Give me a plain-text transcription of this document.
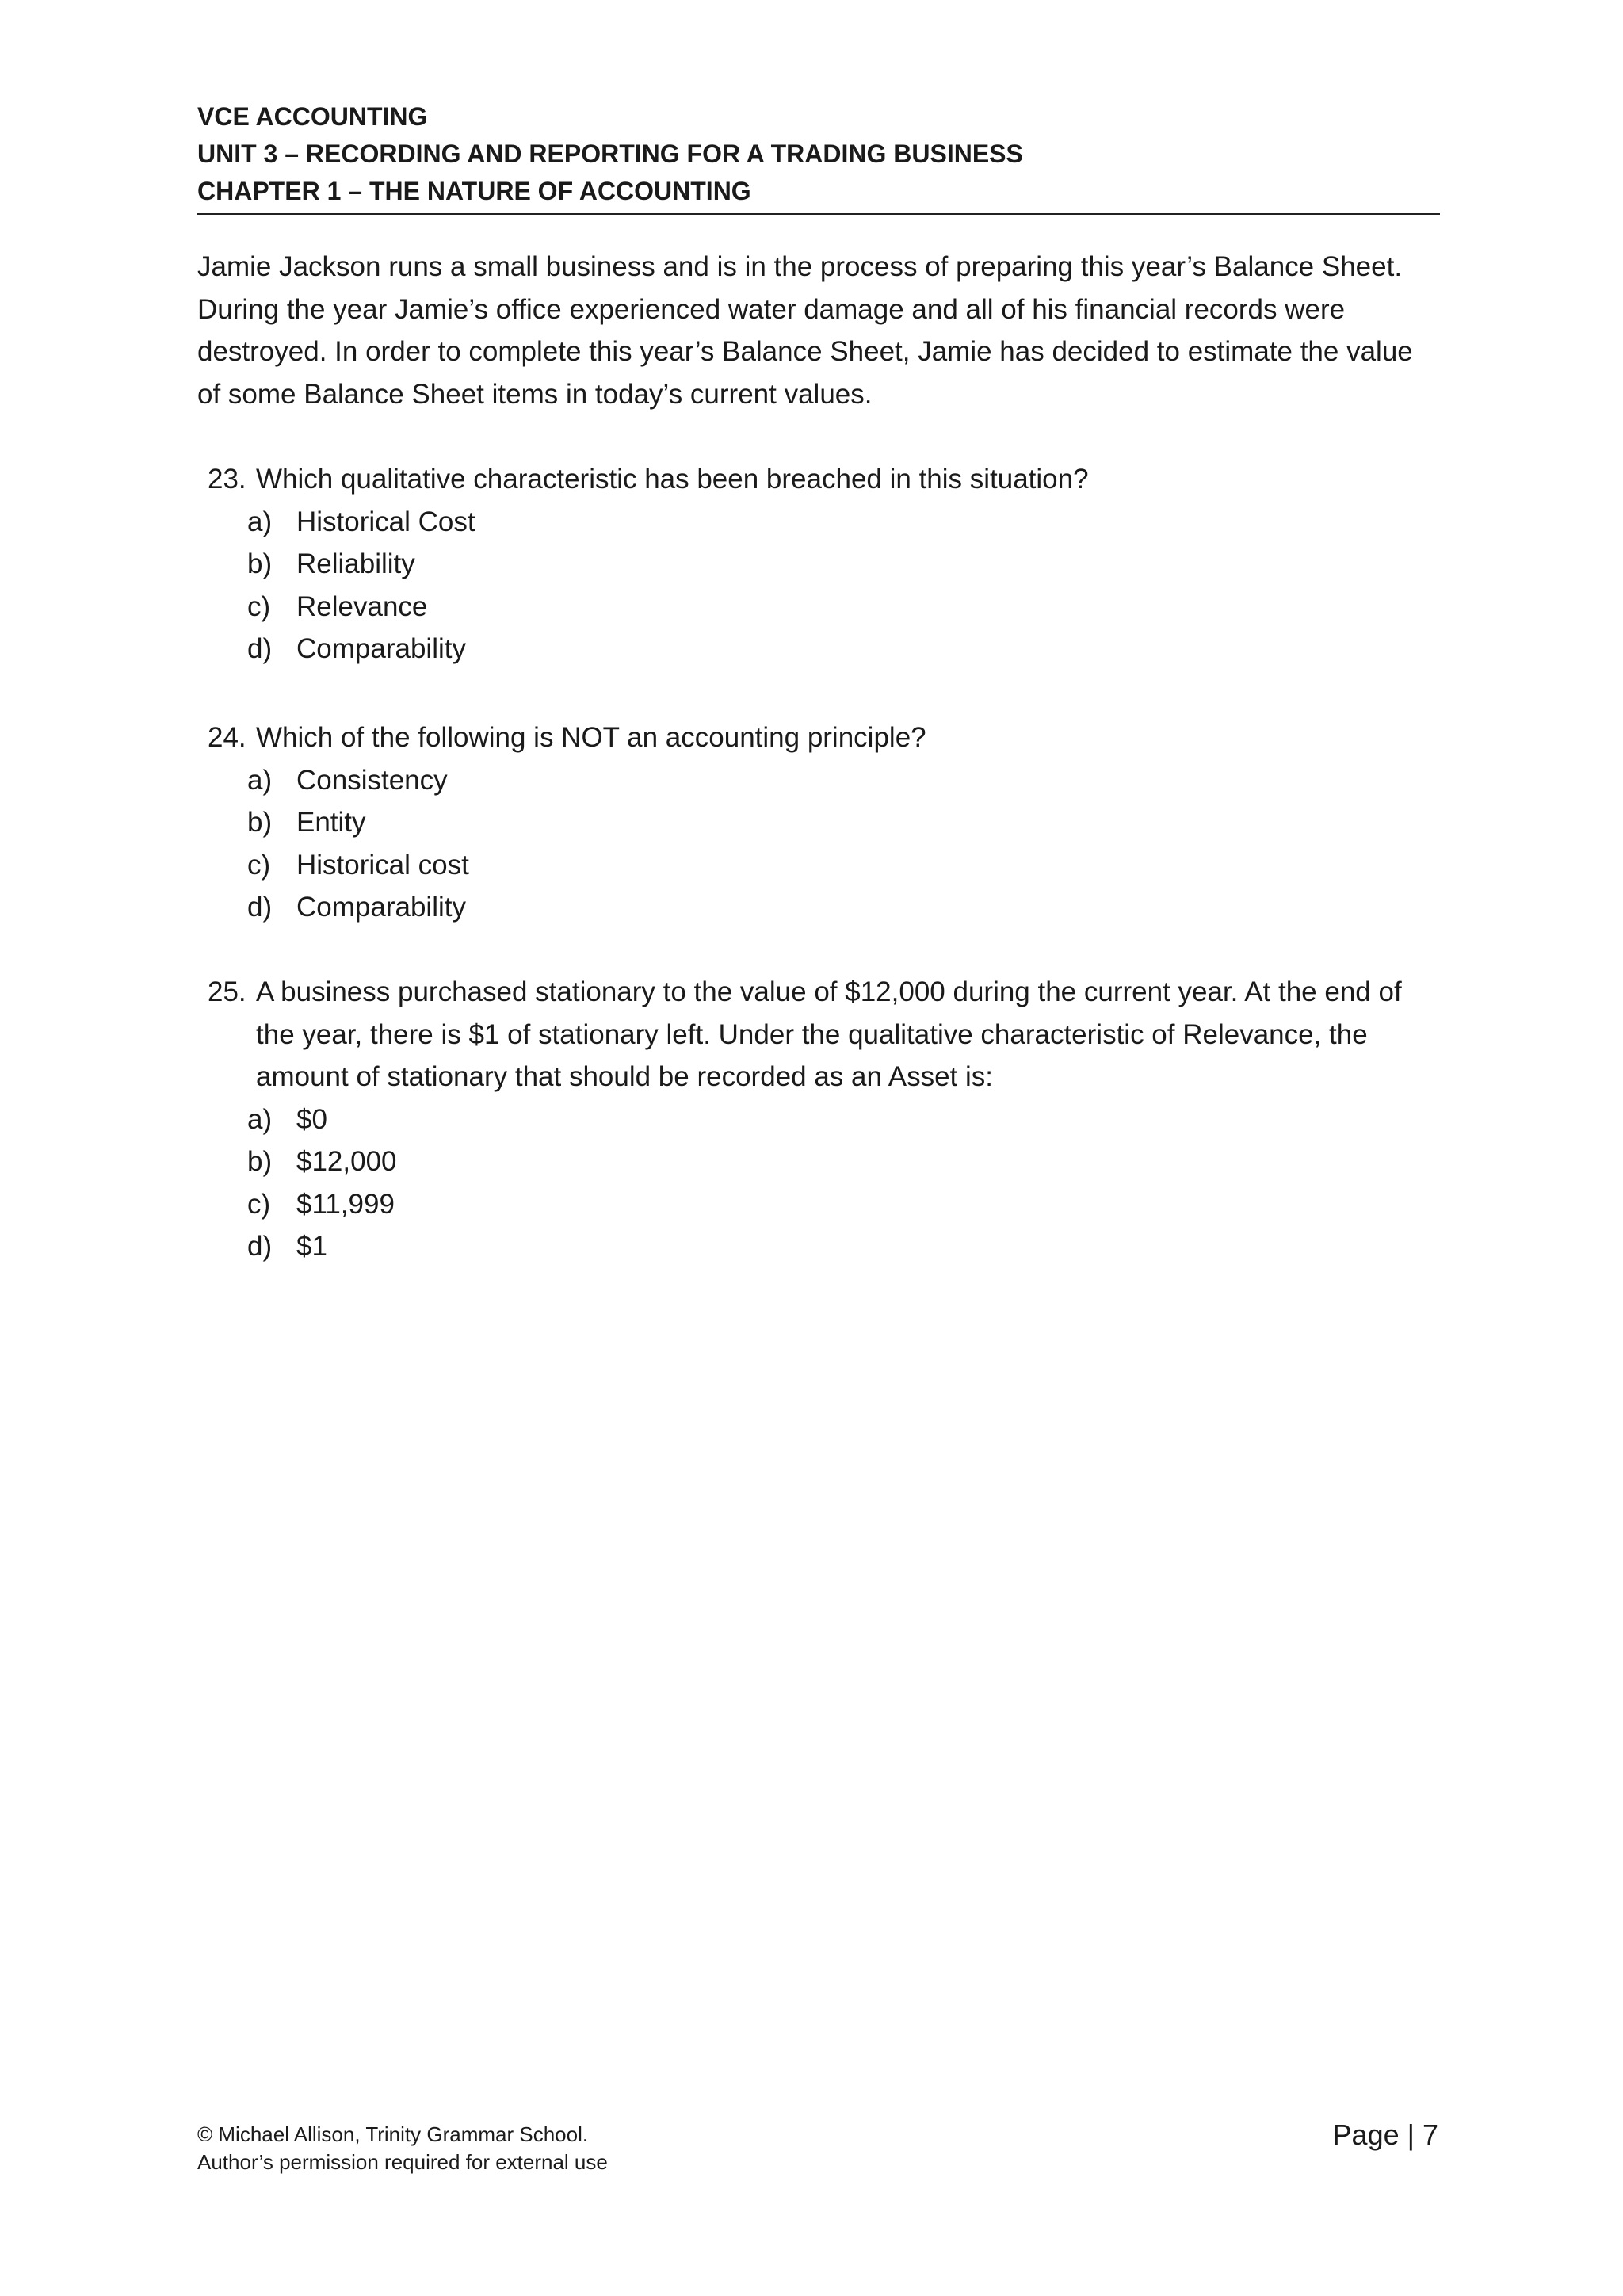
VCE ACCOUNTING
UNIT 3 – RECORDING AND REPORTING FOR A TRADING BUSINESS
CHAPTER 1 – THE NATURE OF ACCOUNTING
Jamie Jackson runs a small business and is in the process of preparing this year’s Balance Sheet.
During the year Jamie’s office experienced water damage and all of his financial records were
destroyed. In order to complete this year’s Balance Sheet, Jamie has decided to estimate the value
of some Balance Sheet items in today’s current values.
23. Which qualitative characteristic has been breached in this situation?
a) Historical Cost
b) Reliability
c) Relevance
d) Comparability
24. Which of the following is NOT an accounting principle?
a) Consistency
b) Entity
c) Historical cost
d) Comparability
25. A business purchased stationary to the value of $12,000 during the current year. At the end of
the year, there is $1 of stationary left. Under the qualitative characteristic of Relevance, the
amount of stationary that should be recorded as an Asset is:
a) $0
b) $12,000
c) $11,999
d) $1
© Michael Allison, Trinity Grammar School.
Author’s permission required for external use
Page | 7
